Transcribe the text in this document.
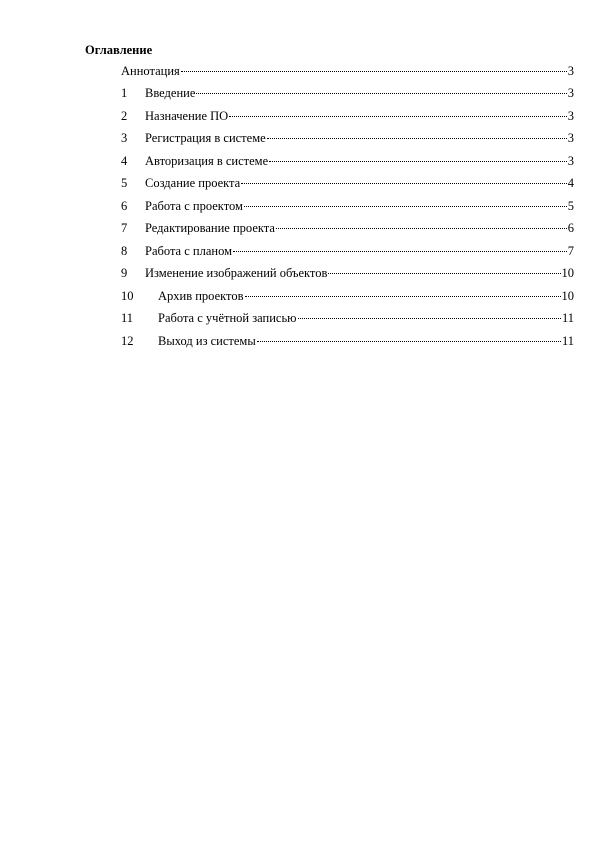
Оглавление
Аннотация	3
1	Введение	3
2	Назначение ПО	3
3	Регистрация в системе	3
4	Авторизация в системе	3
5	Создание проекта	4
6	Работа с проектом	5
7	Редактирование проекта	6
8	Работа с планом	7
9	Изменение изображений объектов	10
10	Архив проектов	10
11	Работа с учётной записью	11
12	Выход из системы	11
